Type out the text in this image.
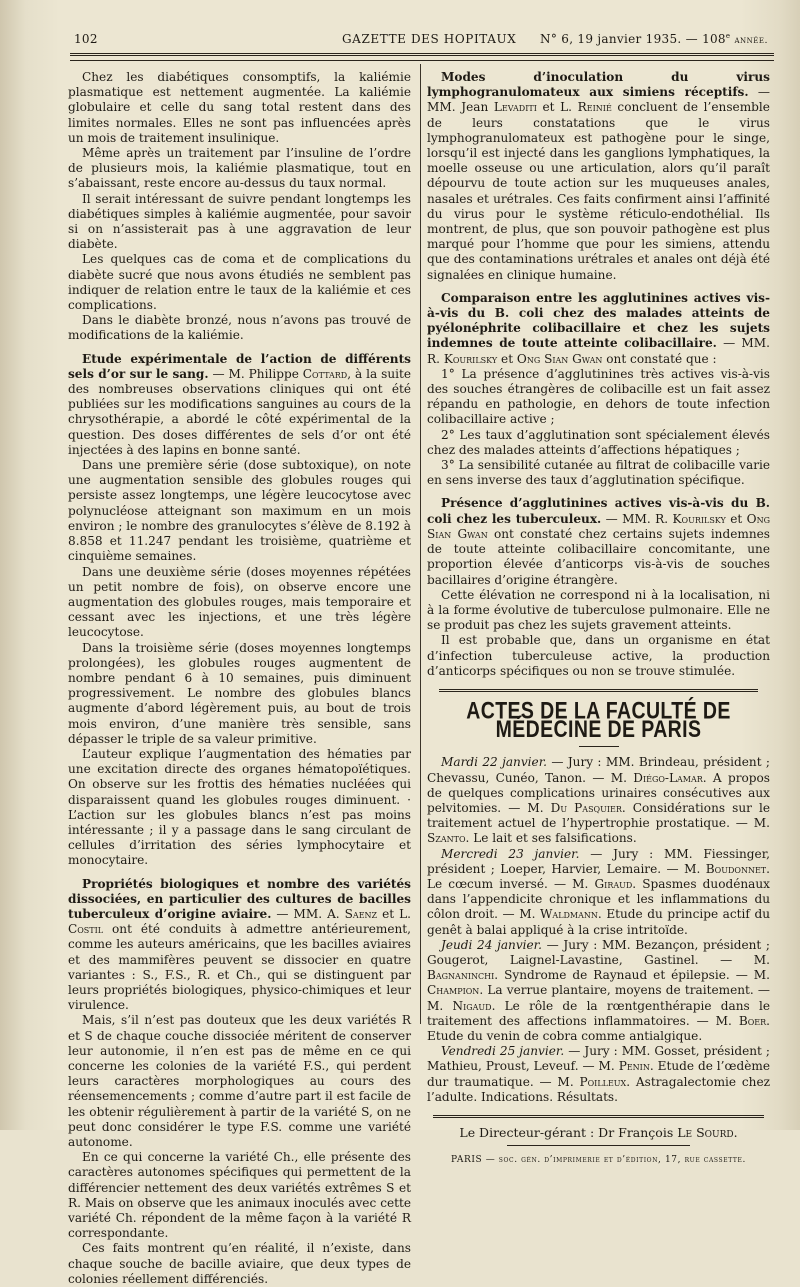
102	GAZETTE DES HOPITAUX N° 6, 19 janvier 1935. — 108e année.

Chez les diabétiques consomptifs, la kaliémie plasmatique est nettement augmentée. La kaliémie globulaire et celle du sang total restent dans des limites normales. Elles ne sont pas influencées après un mois de traitement insulinique.

Même après un traitement par l’insuline de l’ordre de plusieurs mois, la kaliémie plasmatique, tout en s’abaissant, reste encore au-dessus du taux normal.

Il serait intéressant de suivre pendant longtemps les diabétiques simples à kaliémie augmentée, pour savoir si on n’assisterait pas à une aggravation de leur diabète.

Les quelques cas de coma et de complications du diabète sucré que nous avons étudiés ne semblent pas indiquer de relation entre le taux de la kaliémie et ces complications.

Dans le diabète bronzé, nous n’avons pas trouvé de modifications de la kaliémie.

Etude expérimentale de l’action de différents sels d’or sur le sang. — M. Philippe Cottard, à la suite des nombreuses observations cliniques qui ont été publiées sur les modifications sanguines au cours de la chrysothérapie, a abordé le côté expérimental de la question. Des doses différentes de sels d’or ont été injectées à des lapins en bonne santé.

Dans une première série (dose subtoxique), on note une augmentation sensible des globules rouges qui persiste assez longtemps, une légère leucocytose avec polynucléose atteignant son maximum en un mois environ ; le nombre des granulocytes s’élève de 8.192 à 8.858 et 11.247 pendant les troisième, quatrième et cinquième semaines.

Dans une deuxième série (doses moyennes répétées un petit nombre de fois), on observe encore une augmentation des globules rouges, mais temporaire et cessant avec les injections, et une très légère leucocytose.

Dans la troisième série (doses moyennes longtemps prolongées), les globules rouges augmentent de nombre pendant 6 à 10 semaines, puis diminuent progressivement. Le nombre des globules blancs augmente d’abord légèrement puis, au bout de trois mois environ, d’une manière très sensible, sans dépasser le triple de sa valeur primitive.

L’auteur explique l’augmentation des hématies par une excitation directe des organes hématopoïétiques. On observe sur les frottis des hématies nucléées qui disparaissent quand les globules rouges diminuent. · L’action sur les globules blancs n’est pas moins intéressante ; il y a passage dans le sang circulant de cellules d’irritation des séries lymphocytaire et monocytaire.

Propriétés biologiques et nombre des variétés dissociées, en particulier des cultures de bacilles tuberculeux d’origine aviaire. — MM. A. Saenz et L. Costil ont été conduits à admettre antérieurement, comme les auteurs américains, que les bacilles aviaires et des mammifères peuvent se dissocier en quatre variantes : S., F.S., R. et Ch., qui se distinguent par leurs propriétés biologiques, physico-chimiques et leur virulence.

Mais, s’il n’est pas douteux que les deux variétés R et S de chaque couche dissociée méritent de conserver leur autonomie, il n’en est pas de même en ce qui concerne les colonies de la variété F.S., qui perdent leurs caractères morphologiques au cours des réensemencements ; comme d’autre part il est facile de les obtenir régulièrement à partir de la variété S, on ne peut donc considérer le type F.S. comme une variété autonome.

En ce qui concerne la variété Ch., elle présente des caractères autonomes spécifiques qui permettent de la différencier nettement des deux variétés extrêmes S et R. Mais on observe que les animaux inoculés avec cette variété Ch. répondent de la même façon à la variété R correspondante.

Ces faits montrent qu’en réalité, il n’existe, dans chaque souche de bacille aviaire, que deux types de colonies réellement différenciés.

Modes d’inoculation du virus lymphogranulomateux aux simiens réceptifs. — MM. Jean Levaditi et L. Reinié concluent de l’ensemble de leurs constatations que le virus lymphogranulomateux est pathogène pour le singe, lorsqu’il est injecté dans les ganglions lymphatiques, la moelle osseuse ou une articulation, alors qu’il paraît dépourvu de toute action sur les muqueuses anales, nasales et urétrales. Ces faits confirment ainsi l’affinité du virus pour le système réticulo-endothélial. Ils montrent, de plus, que son pouvoir pathogène est plus marqué pour l’homme que pour les simiens, attendu que des contaminations urétrales et anales ont déjà été signalées en clinique humaine.

Comparaison entre les agglutinines actives vis-à-vis du B. coli chez des malades atteints de pyélonéphrite colibacillaire et chez les sujets indemnes de toute atteinte colibacillaire. — MM. R. Kourilsky et Ong Sian Gwan ont constaté que :

1° La présence d’agglutinines très actives vis-à-vis des souches étrangères de colibacille est un fait assez répandu en pathologie, en dehors de toute infection colibacillaire active ;

2° Les taux d’agglutination sont spécialement élevés chez des malades atteints d’affections hépatiques ;

3° La sensibilité cutanée au filtrat de colibacille varie en sens inverse des taux d’agglutination spécifique.

Présence d’agglutinines actives vis-à-vis du B. coli chez les tuberculeux. — MM. R. Kourilsky et Ong Sian Gwan ont constaté chez certains sujets indemnes de toute atteinte colibacillaire concomitante, une proportion élevée d’anticorps vis-à-vis de souches bacillaires d’origine étrangère.

Cette élévation ne correspond ni à la localisation, ni à la forme évolutive de tuberculose pulmonaire. Elle ne se produit pas chez les sujets gravement atteints.

Il est probable que, dans un organisme en état d’infection tuberculeuse active, la production d’anticorps spécifiques ou non se trouve stimulée.

ACTES DE LA FACULTÉ DE MÉDECINE DE PARIS

Mardi 22 janvier. — Jury : MM. Brindeau, président ; Chevassu, Cunéo, Tanon. — M. Diégo-Lamar. A propos de quelques complications urinaires consécutives aux pelvitomies. — M. Du Pasquier. Considérations sur le traitement actuel de l’hypertrophie prostatique. — M. Szanto. Le lait et ses falsifications.

Mercredi 23 janvier. — Jury : MM. Fiessinger, président ; Loeper, Harvier, Lemaire. — M. Boudonnet. Le cœcum inversé. — M. Giraud. Spasmes duodénaux dans l’appendicite chronique et les inflammations du côlon droit. — M. Waldmann. Etude du principe actif du genêt à balai appliqué à la crise intritoïde.

Jeudi 24 janvier. — Jury : MM. Bezançon, président ; Gougerot, Laignel-Lavastine, Gastinel. — M. Bagnaninchi. Syndrome de Raynaud et épilepsie. — M. Champion. La verrue plantaire, moyens de traitement. — M. Nigaud. Le rôle de la rœntgenthérapie dans le traitement des affections inflammatoires. — M. Boer. Etude du venin de cobra comme antialgique.

Vendredi 25 janvier. — Jury : MM. Gosset, président ; Mathieu, Proust, Leveuf. — M. Penin. Etude de l’œdème dur traumatique. — M. Poilleux. Astragalectomie chez l’adulte. Indications. Résultats.

Le Directeur-gérant : Dr François Le Sourd.
PARIS — soc. gén. d’imprimerie et d’édition, 17, rue cassette.
